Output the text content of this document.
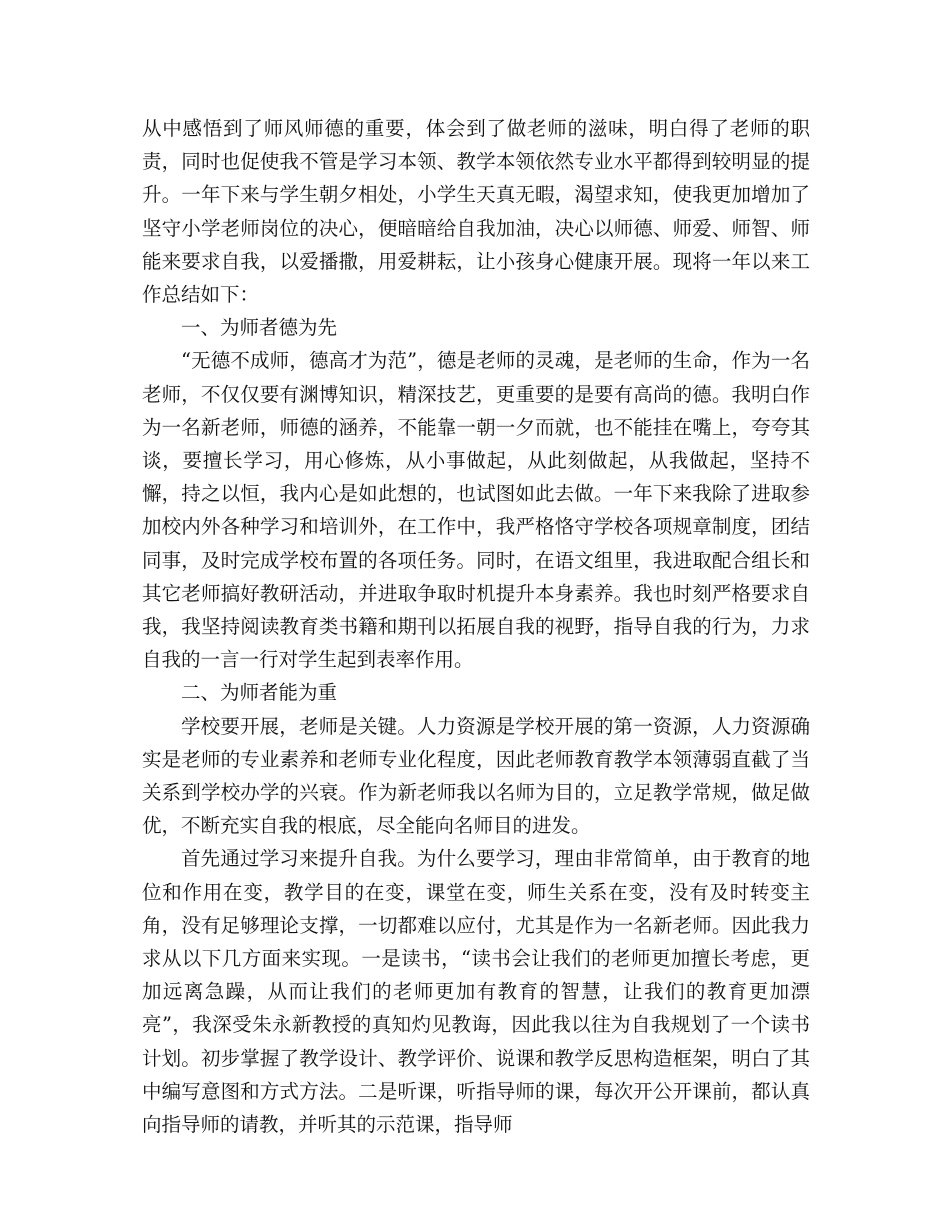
从中感悟到了师风师德的重要，体会到了做老师的滋味，明白得了老师的职责，同时也促使我不管是学习本领、教学本领依然专业水平都得到较明显的提升。一年下来与学生朝夕相处，小学生天真无暇，渴望求知，使我更加增加了坚守小学老师岗位的决心，便暗暗给自我加油，决心以师德、师爱、师智、师能来要求自我，以爱播撒，用爱耕耘，让小孩身心健康开展。现将一年以来工作总结如下：

一、为师者德为先

“无德不成师，德高才为范”，德是老师的灵魂，是老师的生命，作为一名老师，不仅仅要有渊博知识，精深技艺，更重要的是要有高尚的德。我明白作为一名新老师，师德的涵养，不能靠一朝一夕而就，也不能挂在嘴上，夸夸其谈，要擅长学习，用心修炼，从小事做起，从此刻做起，从我做起，坚持不懈，持之以恒，我内心是如此想的，也试图如此去做。一年下来我除了进取参加校内外各种学习和培训外，在工作中，我严格恪守学校各项规章制度，团结同事，及时完成学校布置的各项任务。同时，在语文组里，我进取配合组长和其它老师搞好教研活动，并进取争取时机提升本身素养。我也时刻严格要求自我，我坚持阅读教育类书籍和期刊以拓展自我的视野，指导自我的行为，力求自我的一言一行对学生起到表率作用。

二、为师者能为重

学校要开展，老师是关键。人力资源是学校开展的第一资源，人力资源确实是老师的专业素养和老师专业化程度，因此老师教育教学本领薄弱直截了当关系到学校办学的兴衰。作为新老师我以名师为目的，立足教学常规，做足做优，不断充实自我的根底，尽全能向名师目的进发。

首先通过学习来提升自我。为什么要学习，理由非常简单，由于教育的地位和作用在变，教学目的在变，课堂在变，师生关系在变，没有及时转变主角，没有足够理论支撑，一切都难以应付，尤其是作为一名新老师。因此我力求从以下几方面来实现。一是读书，“读书会让我们的老师更加擅长考虑，更加远离急躁，从而让我们的老师更加有教育的智慧，让我们的教育更加漂亮”，我深受朱永新教授的真知灼见教诲，因此我以往为自我规划了一个读书计划。初步掌握了教学设计、教学评价、说课和教学反思构造框架，明白了其中编写意图和方式方法。二是听课，听指导师的课，每次开公开课前，都认真向指导师的请教，并听其的示范课，指导师
